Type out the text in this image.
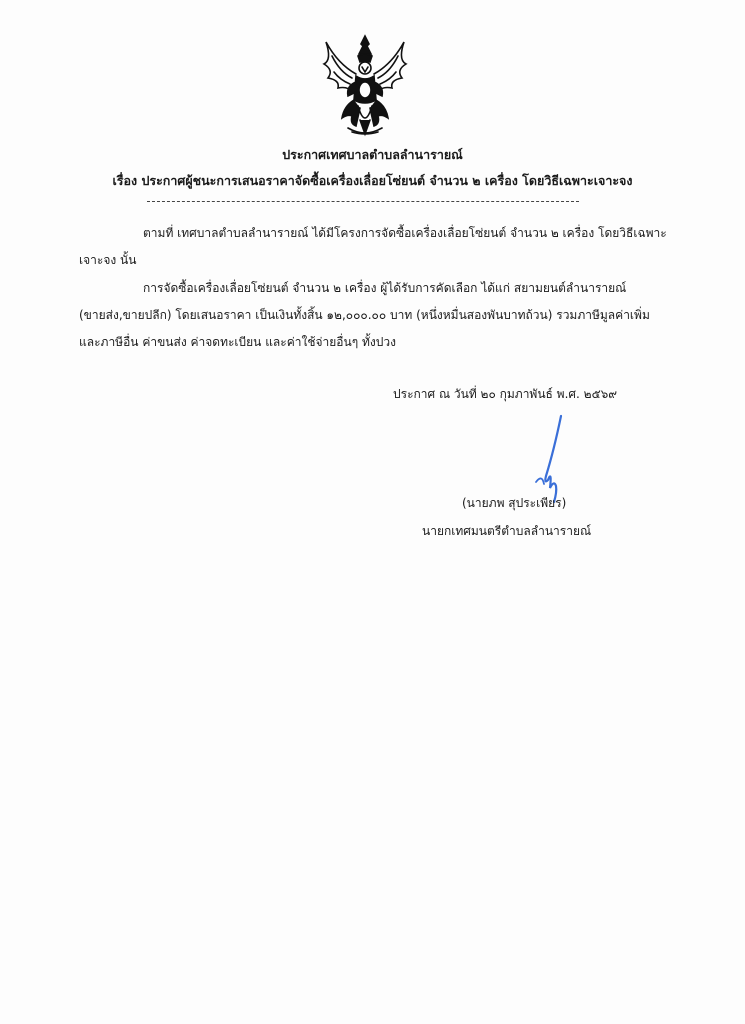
ประกาศเทศบาลตำบลลำนารายณ์
เรื่อง ประกาศผู้ชนะการเสนอราคาจัดซื้อเครื่องเลื่อยโซ่ยนต์ จำนวน ๒ เครื่อง โดยวิธีเฉพาะเจาะจง
ตามที่ เทศบาลตำบลลำนารายณ์ ได้มีโครงการจัดซื้อเครื่องเลื่อยโซ่ยนต์ จำนวน ๒ เครื่อง โดยวิธีเฉพาะ
เจาะจง นั้น
การจัดซื้อเครื่องเลื่อยโซ่ยนต์ จำนวน ๒ เครื่อง ผู้ได้รับการคัดเลือก ได้แก่ สยามยนต์ลำนารายณ์
(ขายส่ง,ขายปลีก) โดยเสนอราคา เป็นเงินทั้งสิ้น ๑๒,๐๐๐.๐๐ บาท (หนึ่งหมื่นสองพันบาทถ้วน) รวมภาษีมูลค่าเพิ่ม
และภาษีอื่น ค่าขนส่ง ค่าจดทะเบียน และค่าใช้จ่ายอื่นๆ ทั้งปวง
ประกาศ ณ วันที่ ๒๐ กุมภาพันธ์ พ.ศ. ๒๕๖๙
(นายภพ สุประเพียร)
นายกเทศมนตรีตำบลลำนารายณ์
